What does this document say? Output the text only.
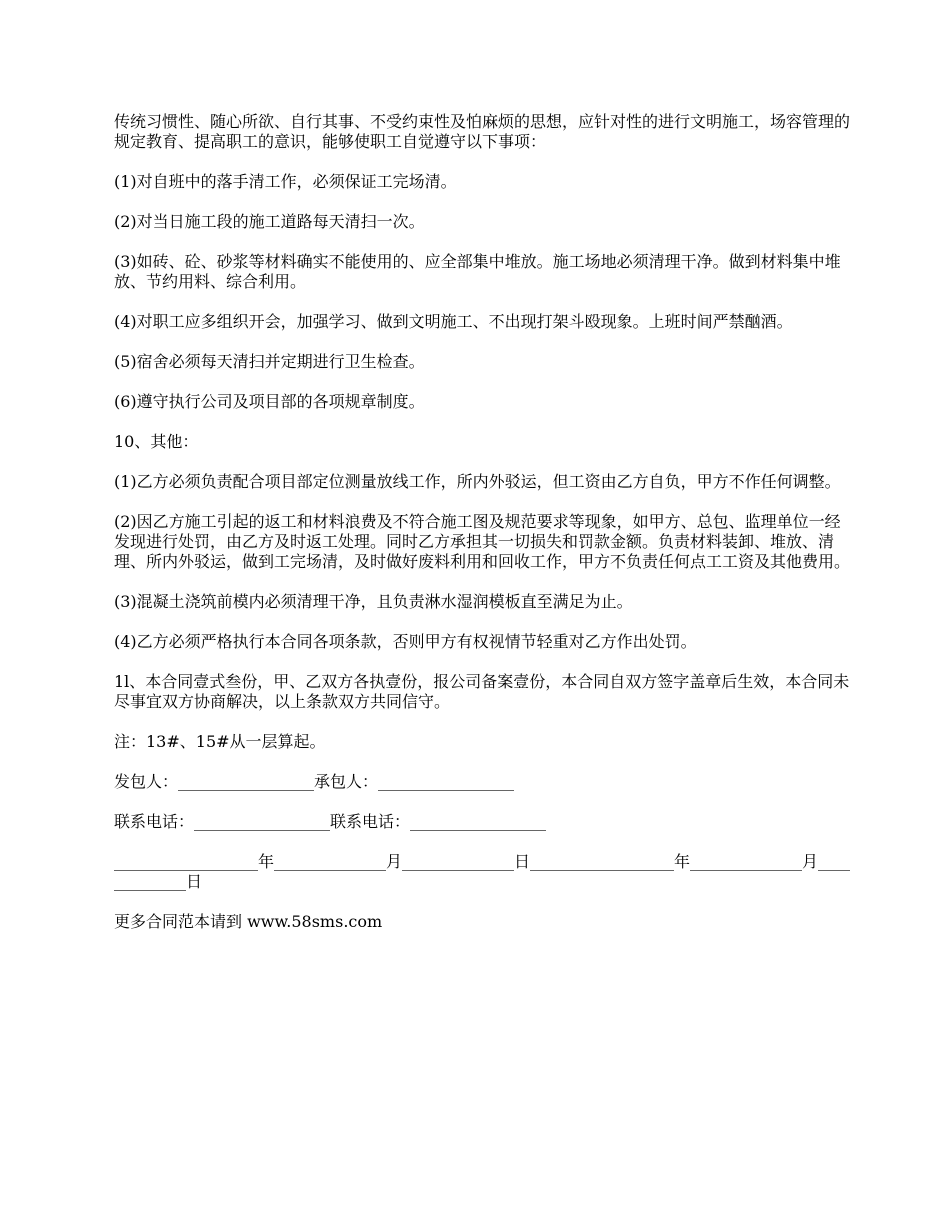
传统习惯性、随心所欲、自行其事、不受约束性及怕麻烦的思想，应针对性的进行文明施工，场容管理的规定教育、提高职工的意识，能够使职工自觉遵守以下事项：

(1)对自班中的落手清工作，必须保证工完场清。

(2)对当日施工段的施工道路每天清扫一次。

(3)如砖、砼、砂浆等材料确实不能使用的、应全部集中堆放。施工场地必须清理干净。做到材料集中堆放、节约用料、综合利用。

(4)对职工应多组织开会，加强学习、做到文明施工、不出现打架斗殴现象。上班时间严禁酗酒。

(5)宿舍必须每天清扫并定期进行卫生检查。

(6)遵守执行公司及项目部的各项规章制度。

10、其他：

(1)乙方必须负责配合项目部定位测量放线工作，所内外驳运，但工资由乙方自负，甲方不作任何调整。

(2)因乙方施工引起的返工和材料浪费及不符合施工图及规范要求等现象，如甲方、总包、监理单位一经发现进行处罚，由乙方及时返工处理。同时乙方承担其一切损失和罚款金额。负责材料装卸、堆放、清理、所内外驳运，做到工完场清，及时做好废料利用和回收工作，甲方不负责任何点工工资及其他费用。

(3)混凝土浇筑前模内必须清理干净，且负责淋水湿润模板直至满足为止。

(4)乙方必须严格执行本合同各项条款，否则甲方有权视情节轻重对乙方作出处罚。

1l、本合同壹式叁份，甲、乙双方各执壹份，报公司备案壹份，本合同自双方签字盖章后生效，本合同未尽事宜双方协商解决，以上条款双方共同信守。

注：13#、15#从一层算起。

发包人：_________________承包人：_________________

联系电话：_________________联系电话：_________________

__________________年______________月______________日__________________年______________月_____________日

更多合同范本请到 www.58sms.com
